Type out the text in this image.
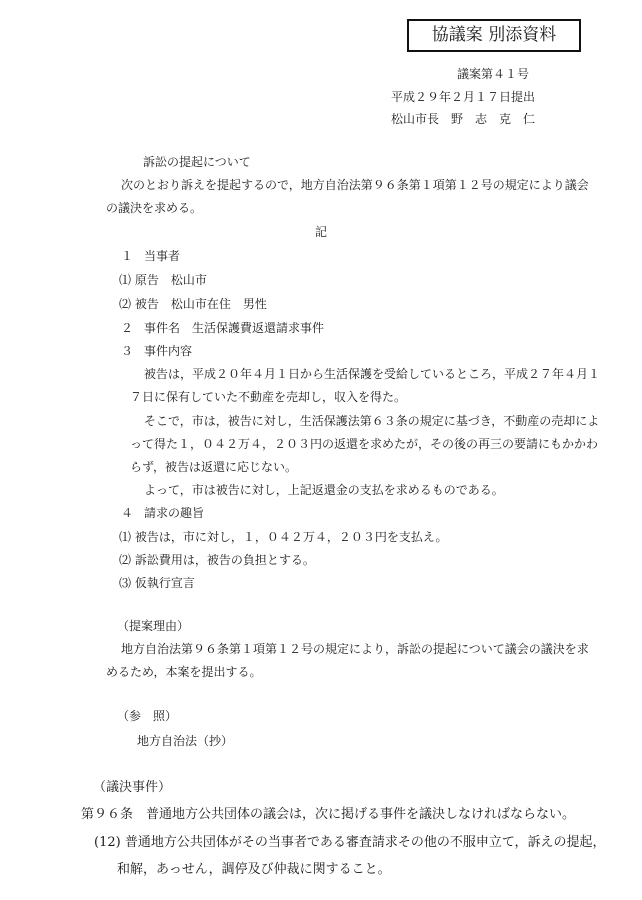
協議案 別添資料
議案第４１号
平成２９年２月１７日提出
松山市長　野　志　克　仁
訴訟の提起について
次のとおり訴えを提起するので，地方自治法第９６条第１項第１２号の規定により議会
の議決を求める。
記
１ 当事者
⑴ 原告　松山市
⑵ 被告　松山市在住　男性
２ 事件名　生活保護費返還請求事件
３ 事件内容
被告は，平成２０年４月１日から生活保護を受給しているところ，平成２７年４月１
７日に保有していた不動産を売却し，収入を得た。
そこで，市は，被告に対し，生活保護法第６３条の規定に基づき，不動産の売却によ
って得た１，０４２万４，２０３円の返還を求めたが，その後の再三の要請にもかかわ
らず，被告は返還に応じない。
よって，市は被告に対し，上記返還金の支払を求めるものである。
４ 請求の趣旨
⑴ 被告は，市に対し，１，０４２万４，２０３円を支払え。
⑵ 訴訟費用は，被告の負担とする。
⑶ 仮執行宣言
（提案理由）
地方自治法第９６条第１項第１２号の規定により，訴訟の提起について議会の議決を求
めるため，本案を提出する。
（参　照）
地方自治法（抄）
（議決事件）
第９６条　普通地方公共団体の議会は，次に掲げる事件を議決しなければならない。
(12) 普通地方公共団体がその当事者である審査請求その他の不服申立て，訴えの提起，
和解，あっせん，調停及び仲裁に関すること。
